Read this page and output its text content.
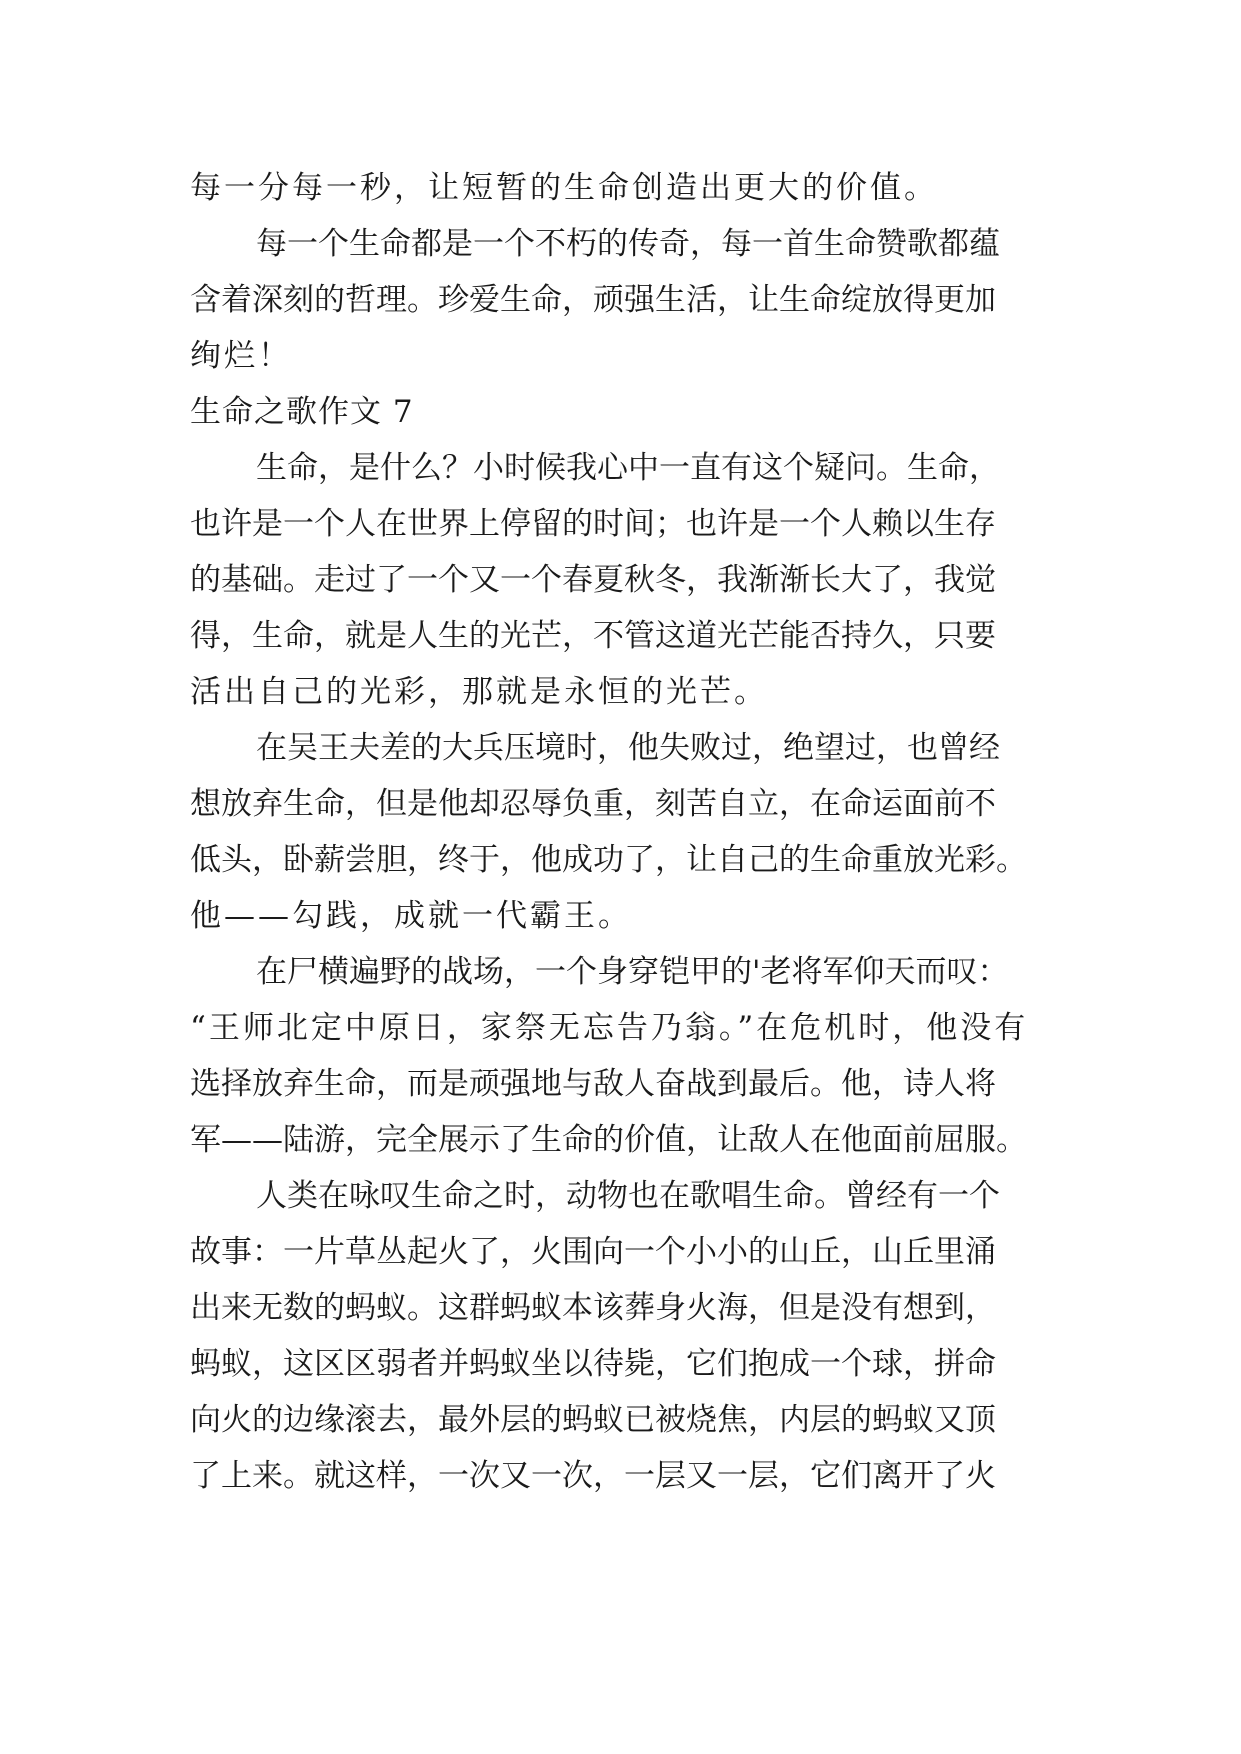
每一分每一秒，让短暂的生命创造出更大的价值。
每一个生命都是一个不朽的传奇，每一首生命赞歌都蕴
含着深刻的哲理。珍爱生命，顽强生活，让生命绽放得更加
绚烂！
生命之歌作文 7
生命，是什么？小时候我心中一直有这个疑问。生命，
也许是一个人在世界上停留的时间；也许是一个人赖以生存
的基础。走过了一个又一个春夏秋冬，我渐渐长大了，我觉
得，生命，就是人生的光芒，不管这道光芒能否持久，只要
活出自己的光彩，那就是永恒的光芒。
在吴王夫差的大兵压境时，他失败过，绝望过，也曾经
想放弃生命，但是他却忍辱负重，刻苦自立，在命运面前不
低头，卧薪尝胆，终于，他成功了，让自己的生命重放光彩。
他——勾践，成就一代霸王。
在尸横遍野的战场，一个身穿铠甲的'老将军仰天而叹：
“王师北定中原日，家祭无忘告乃翁。”在危机时，他没有
选择放弃生命，而是顽强地与敌人奋战到最后。他，诗人将
军——陆游，完全展示了生命的价值，让敌人在他面前屈服。
人类在咏叹生命之时，动物也在歌唱生命。曾经有一个
故事：一片草丛起火了，火围向一个小小的山丘，山丘里涌
出来无数的蚂蚁。这群蚂蚁本该葬身火海，但是没有想到，
蚂蚁，这区区弱者并蚂蚁坐以待毙，它们抱成一个球，拼命
向火的边缘滚去，最外层的蚂蚁已被烧焦，内层的蚂蚁又顶
了上来。就这样，一次又一次，一层又一层，它们离开了火
